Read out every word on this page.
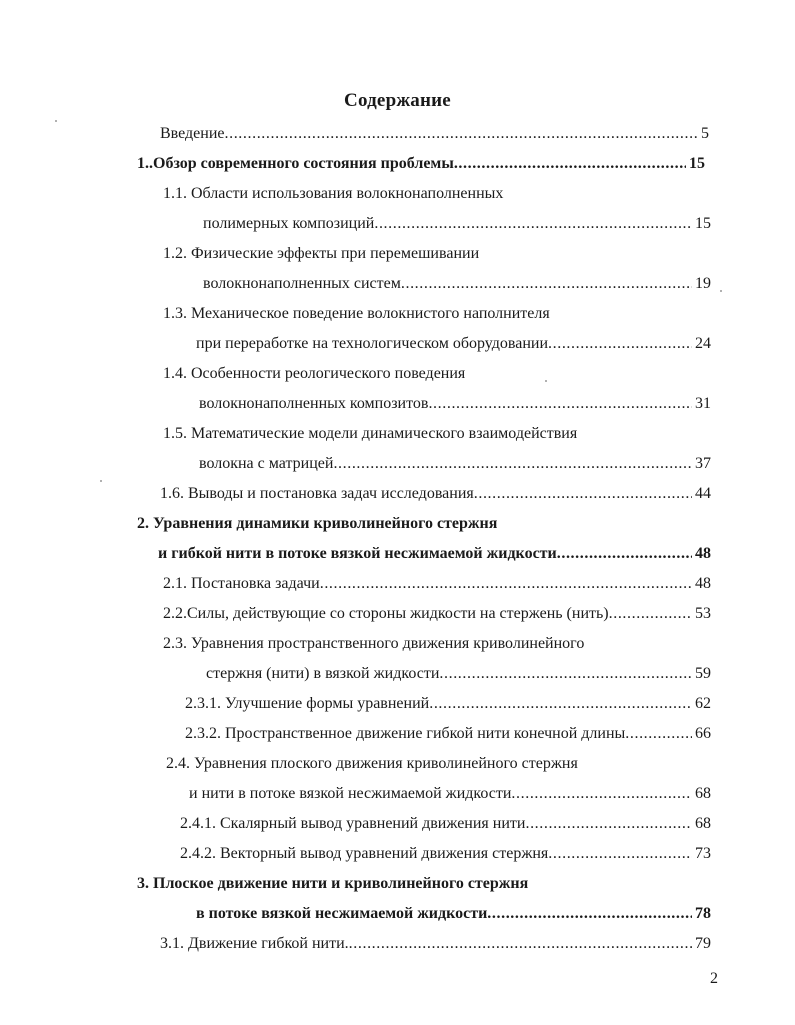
Содержание
Введение .....	5
1..Обзор современного состояния проблемы .....	15
1.1. Области использования волокнонаполненных
полимерных композиций .....	15
1.2. Физические эффекты при перемешивании
волокнонаполненных систем .....	19
1.3. Механическое поведение волокнистого наполнителя
при переработке на технологическом оборудовании .....	24
1.4. Особенности реологического поведения
волокнонаполненных композитов .....	31
1.5. Математические модели динамического взаимодействия
волокна с матрицей .....	37
1.6. Выводы и постановка задач исследования .....	44
2. Уравнения динамики криволинейного стержня
и гибкой нити в потоке вязкой несжимаемой жидкости .....	48
2.1. Постановка задачи .....	48
2.2.Силы, действующие со стороны жидкости на стержень (нить) .....	53
2.3. Уравнения пространственного движения криволинейного
стержня (нити) в вязкой жидкости .....	59
2.3.1. Улучшение формы уравнений .....	62
2.3.2. Пространственное движение гибкой нити конечной длины .....	66
2.4. Уравнения плоского движения криволинейного стержня
и нити в потоке вязкой несжимаемой жидкости .....	68
2.4.1. Скалярный вывод уравнений движения нити .....	68
2.4.2. Векторный вывод уравнений движения стержня .....	73
3. Плоское движение нити и криволинейного стержня
в потоке вязкой несжимаемой жидкости .....	78
3.1. Движение гибкой нити. .....	79
2
